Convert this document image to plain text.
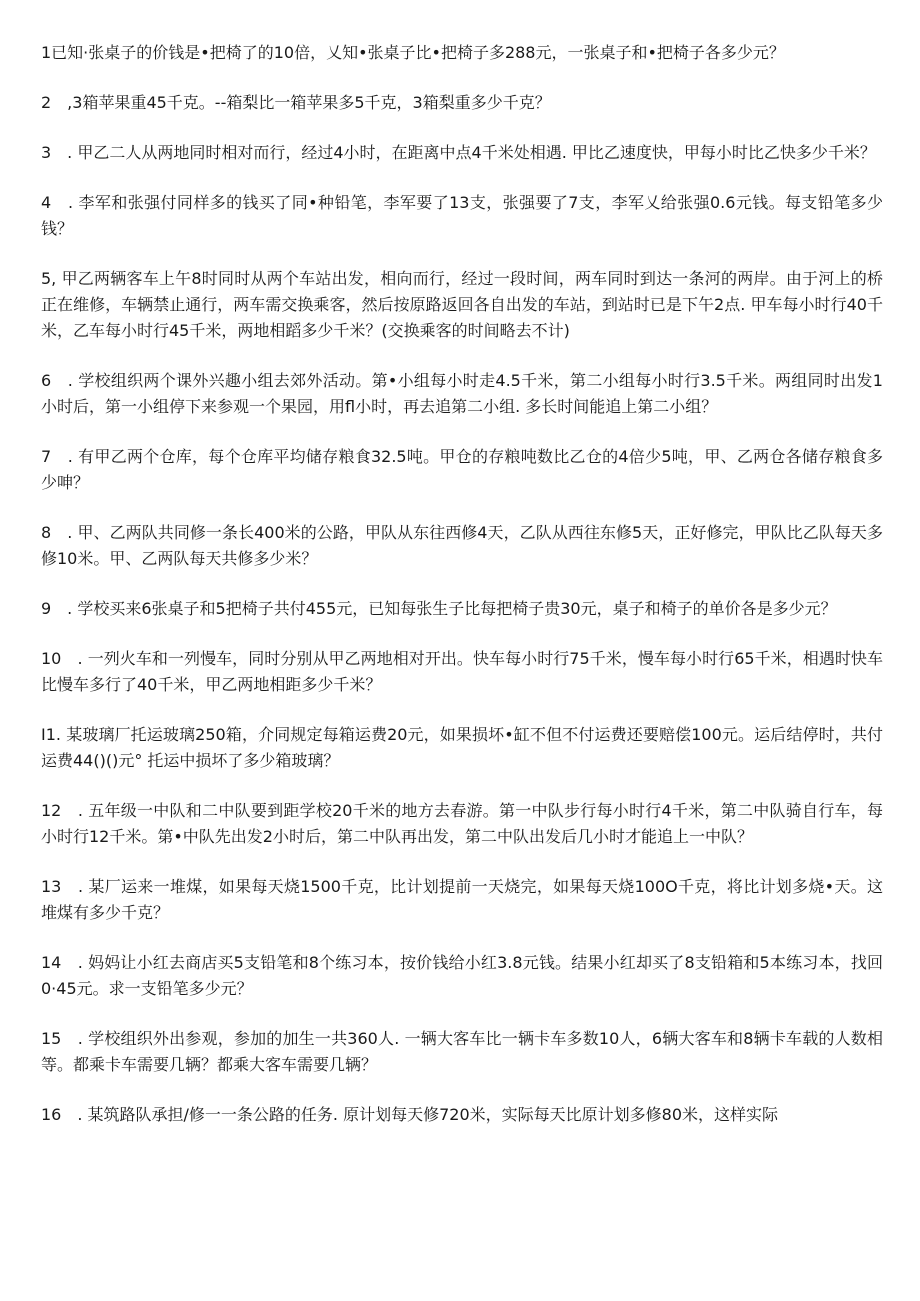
1已知·张桌子的价钱是•把椅了的10倍，乂知•张桌子比•把椅子多288元，一张桌子和•把椅子各多少元？

2　,3箱苹果重45千克。--箱梨比一箱苹果多5千克，3箱梨重多少千克？

3　. 甲乙二人从两地同时相对而行，经过4小时，在距离中点4千米处相遇. 甲比乙速度快，甲每小时比乙快多少千米？

4　. 李军和张强付同样多的钱买了同•种铅笔，李军要了13支，张强要了7支，李军乂给张强0.6元钱。每支铅笔多少钱？

5, 甲乙两辆客车上午8时同时从两个车站出发，相向而行，经过一段时间，两车同时到达一条河的两岸。由于河上的桥正在维修，车辆禁止通行，两车需交换乘客，然后按原路返回各自出发的车站，到站时已是下午2点. 甲车每小时行40千米，乙车每小时行45千米，两地相蹈多少千米？(交换乘客的时间略去不计)

6　. 学校组织两个课外兴趣小组去郊外活动。第•小组每小时走4.5千米，第二小组每小时行3.5千米。两组同时出发1小时后，第一小组停下来参观一个果园，用fl小时，再去追第二小组. 多长时间能追上第二小组？

7　. 有甲乙两个仓库，每个仓库平均储存粮食32.5吨。甲仓的存粮吨数比乙仓的4倍少5吨，甲、乙两仓各储存粮食多少呻？

8　. 甲、乙两队共同修一条长400米的公路，甲队从东往西修4天，乙队从西往东修5天，正好修完，甲队比乙队每天多修10米。甲、乙两队每天共修多少米？

9　. 学校买来6张桌子和5把椅子共付455元，已知每张生子比每把椅子贵30元，桌子和椅子的单价各是多少元？

10　. 一列火车和一列慢车，同时分别从甲乙两地相对开出。快车每小时行75千米，慢车每小时行65千米，相遇时快车比慢车多行了40千米，甲乙两地相距多少千米？

I1. 某玻璃厂托运玻璃250箱，介同规定每箱运费20元，如果损坏•缸不但不付运费还要赔偿100元。运后结停时，共付运费44()()元° 托运中损坏了多少箱玻璃？

12　. 五年级一中队和二中队要到距学校20千米的地方去春游。第一中队步行每小时行4千米，第二中队骑自行车，每小时行12千米。第•中队先出发2小时后，第二中队再出发，第二中队出发后几小时才能追上一中队？

13　. 某厂运来一堆煤，如果每天烧1500千克，比计划提前一天烧完，如果每天烧100O千克，将比计划多烧•天。这堆煤有多少千克？

14　. 妈妈让小红去商店买5支铅笔和8个练习本，按价钱给小红3.8元钱。结果小红却买了8支铅箱和5本练习本，找回0·45元。求一支铅笔多少元？

15　. 学校组织外出参观，参加的加生一共360人. 一辆大客车比一辆卡车多数10人，6辆大客车和8辆卡车载的人数相等。都乘卡车需要几辆？都乘大客车需要几辆？

16　. 某筑路队承担/修一一条公路的任务. 原计划每天修720米，实际每天比原计划多修80米，这样实际
